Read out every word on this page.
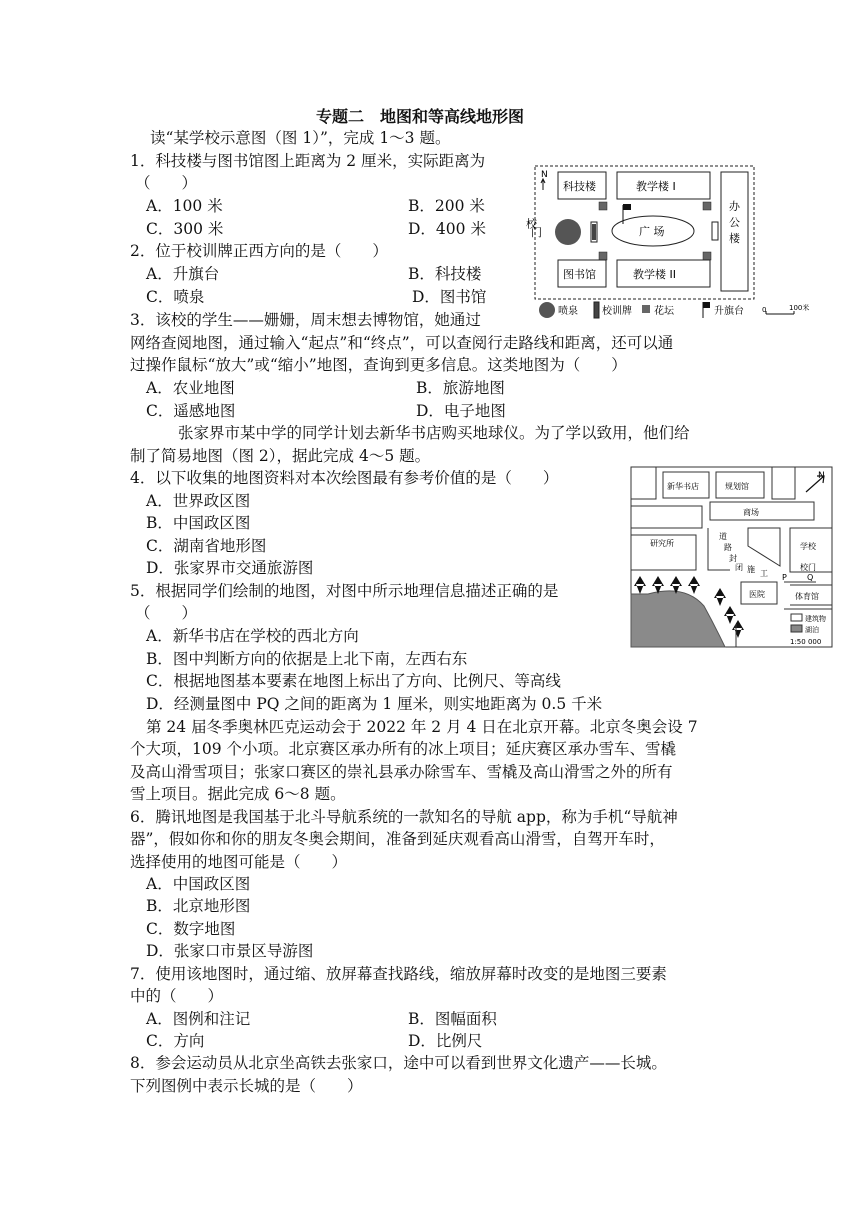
专题二　地图和等高线地形图
读“某学校示意图（图 1）”，完成 1～3 题。
1．科技楼与图书馆图上距离为 2 厘米，实际距离为
（　　）
A．100 米	B．200 米
C．300 米	D．400 米
2．位于校训牌正西方向的是（　　）
A．升旗台	B．科技楼
C．喷泉	D．图书馆
3．该校的学生——姗姗，周末想去博物馆，她通过
网络查阅地图，通过输入“起点”和“终点”，可以查阅行走路线和距离，还可以通
过操作鼠标“放大”或“缩小”地图，查询到更多信息。这类地图为（　　）
A．农业地图	B．旅游地图
C．遥感地图	D．电子地图
张家界市某中学的同学计划去新华书店购买地球仪。为了学以致用，他们给
制了简易地图（图 2），据此完成 4～5 题。
4．以下收集的地图资料对本次绘图最有参考价值的是（　　）
A．世界政区图
B．中国政区图
C．湖南省地形图
D．张家界市交通旅游图
5．根据同学们绘制的地图，对图中所示地理信息描述正确的是
（　　）
A．新华书店在学校的西北方向
B．图中判断方向的依据是上北下南，左西右东
C．根据地图基本要素在地图上标出了方向、比例尺、等高线
D．经测量图中 PQ 之间的距离为 1 厘米，则实地距离为 0.5 千米
第 24 届冬季奥林匹克运动会于 2022 年 2 月 4 日在北京开幕。北京冬奥会设 7
个大项，109 个小项。北京赛区承办所有的冰上项目；延庆赛区承办雪车、雪橇
及高山滑雪项目；张家口赛区的崇礼县承办除雪车、雪橇及高山滑雪之外的所有
雪上项目。据此完成 6～8 题。
6．腾讯地图是我国基于北斗导航系统的一款知名的导航 app，称为手机“导航神
器”，假如你和你的朋友冬奥会期间，准备到延庆观看高山滑雪，自驾开车时，
选择使用的地图可能是（　　）
A．中国政区图
B．北京地形图
C．数字地图
D．张家口市景区导游图
7．使用该地图时，通过缩、放屏幕查找路线，缩放屏幕时改变的是地图三要素
中的（　　）
A．图例和注记	B．图幅面积
C．方向	D．比例尺
8．参会运动员从北京坐高铁去张家口，途中可以看到世界文化遗产——长城。
下列图例中表示长城的是（　　）
N
科技楼	教学楼 I
校
门	广 场
办
公
楼
图书馆	教学楼 II
喷泉 校训牌 花坛	升旗台	0	100米
新华书店	规划馆
N
商场
研究所
道
路
封
闭 施 工
学校
校门
P	Q
体育馆
医院
建筑物
湖泊
1:50 000
